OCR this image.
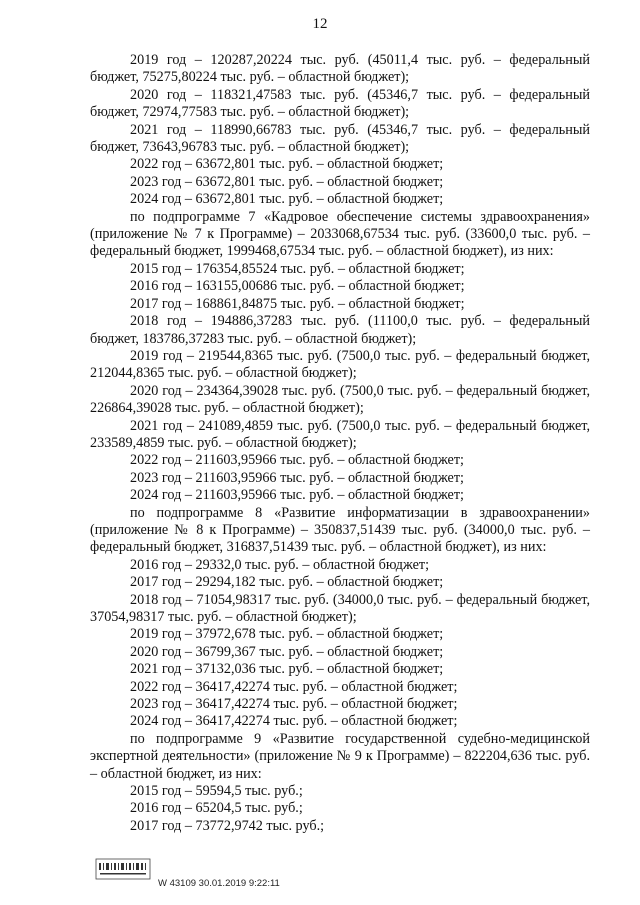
12

2019 год – 120287,20224 тыс. руб. (45011,4 тыс. руб. – федеральный бюджет, 75275,80224 тыс. руб. – областной бюджет);

2020 год – 118321,47583 тыс. руб. (45346,7 тыс. руб. – федеральный бюджет, 72974,77583 тыс. руб. – областной бюджет);

2021 год – 118990,66783 тыс. руб. (45346,7 тыс. руб. – федеральный бюджет, 73643,96783 тыс. руб. – областной бюджет);

2022 год – 63672,801 тыс. руб. – областной бюджет;

2023 год – 63672,801 тыс. руб. – областной бюджет;

2024 год – 63672,801 тыс. руб. – областной бюджет;

по подпрограмме 7 «Кадровое обеспечение системы здравоохранения» (приложение № 7 к Программе) – 2033068,67534 тыс. руб. (33600,0 тыс. руб. – федеральный бюджет, 1999468,67534 тыс. руб. – областной бюджет), из них:

2015 год – 176354,85524 тыс. руб. – областной бюджет;

2016 год – 163155,00686 тыс. руб. – областной бюджет;

2017 год – 168861,84875 тыс. руб. – областной бюджет;

2018 год – 194886,37283 тыс. руб. (11100,0 тыс. руб. – федеральный бюджет, 183786,37283 тыс. руб. – областной бюджет);

2019 год – 219544,8365 тыс. руб. (7500,0 тыс. руб. – федеральный бюджет, 212044,8365 тыс. руб. – областной бюджет);

2020 год – 234364,39028 тыс. руб. (7500,0 тыс. руб. – федеральный бюджет, 226864,39028 тыс. руб. – областной бюджет);

2021 год – 241089,4859 тыс. руб. (7500,0 тыс. руб. – федеральный бюджет, 233589,4859 тыс. руб. – областной бюджет);

2022 год – 211603,95966 тыс. руб. – областной бюджет;

2023 год – 211603,95966 тыс. руб. – областной бюджет;

2024 год – 211603,95966 тыс. руб. – областной бюджет;

по подпрограмме 8 «Развитие информатизации в здравоохранении» (приложение № 8 к Программе) – 350837,51439 тыс. руб. (34000,0 тыс. руб. – федеральный бюджет, 316837,51439 тыс. руб. – областной бюджет), из них:

2016 год – 29332,0 тыс. руб. – областной бюджет;

2017 год – 29294,182 тыс. руб. – областной бюджет;

2018 год – 71054,98317 тыс. руб. (34000,0 тыс. руб. – федеральный бюджет, 37054,98317 тыс. руб. – областной бюджет);

2019 год – 37972,678 тыс. руб. – областной бюджет;

2020 год – 36799,367 тыс. руб. – областной бюджет;

2021 год – 37132,036 тыс. руб. – областной бюджет;

2022 год – 36417,42274 тыс. руб. – областной бюджет;

2023 год – 36417,42274 тыс. руб. – областной бюджет;

2024 год – 36417,42274 тыс. руб. – областной бюджет;

по подпрограмме 9 «Развитие государственной судебно-медицинской экспертной деятельности» (приложение № 9 к Программе) – 822204,636 тыс. руб. – областной бюджет, из них:

2015 год – 59594,5 тыс. руб.;

2016 год – 65204,5 тыс. руб.;

2017 год – 73772,9742 тыс. руб.;

W 43109 30.01.2019 9:22:11
